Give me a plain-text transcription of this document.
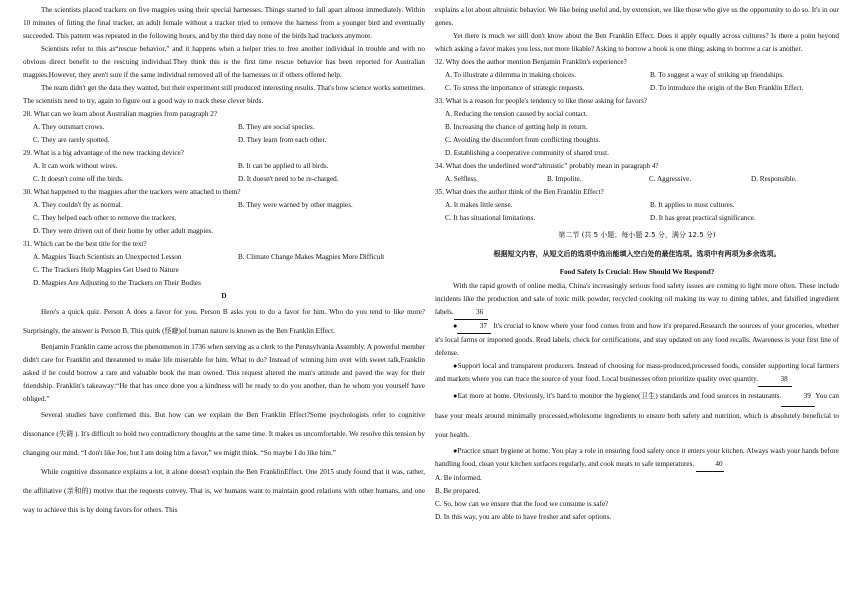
The scientists placed trackers on five magpies using their special harnesses. Things started to fall apart almost immediately. Within 10 minutes of fitting the final tracker, an adult female without a tracker tried to remove the harness from a younger bird and eventually succeeded. This pattern was repeated in the following hours, and by the third day none of the birds had trackers anymore.

Scientists refer to this as“rescue behavior,” and it happens when a helper tries to free another individual in trouble and with no obvious direct benefit to the rescuing individual.They think this is the first time rescue behavior has been reported for Australian magpies.However, they aren't sure if the same individual removed all of the harnesses or if others offered help.

The team didn't get the data they wanted, but their experiment still produced interesting results. That's how science works sometimes. The scientists need to try, again to figure out a good way to track these clever birds.

28. What can we learn about Australian magpies from paragraph 2?

A. They outsmart crows.	B. They are social species.
C. They are rarely spotted.	D. They learn from each other.

29. What is a big advantage of the new tracking device?

A. It can work without wires.	B. It can be applied to all birds.
C. It doesn't come off the birds.	D. It doesn't need to be re-charged.

30. What happened to the magpies after the trackers were attached to them?

A. They couldn't fly as normal.	B. They were warned by other magpies.

C. They helped each other to remove the trackers.

D. They were driven out of their home by other adult magpies.

31. Which can be the best title for the text?

A. Magpies Teach Scientists an Unexpected Lesson	B. Climate Change Makes Magpies More Difficult

C. The Trackers Help Magpies Get Used to Nature

D. Magpies Are Adjusting to the Trackers on Their Bodies

D

Here's a quick quiz. Person A does a favor for you. Person B asks you to do a favor for him. Who do you tend to like more? Surprisingly, the answer is Person B. This quirk (怪癖)of human nature is known as the Ben Franklin Effect.

Benjamin Franklin came across the phenomenon in 1736 when serving as a clerk to the Pennsylvania Assembly. A powerful member didn't care for Franklin and threatened to make life miserable for him. What to do? Instead of winning him over with sweet talk,Franklin asked if he could borrow a rare and valuable book the man owned. This request altered the man's attitude and paved the way for their friendship. Franklin's takeaway:“He that has once done you a kindness will be ready to do you another, than he whom you yourself have obliged.”

Several studies have confirmed this. But how can we explain the Ben Franklin Effect?Some psychologists refer to cognitive dissonance (失调 ). It's difficult to hold two contradictory thoughts at the same time. It makes us uncomfortable. We resolve this tension by changing our mind. “I don't like Joe, but I am doing him a favor,” we might think. “So maybe I do like him.”

While cognitive dissonance explains a lot, it alone doesn't explain the Ben FranklinEffect. One 2015 study found that it was, rather, the affiliative (亲和的) motive that the requests convey. That is, we humans want to maintain good relations with other humans, and one way to achieve this is by doing favors for others. This

explains a lot about altruistic behavior. We like being useful and, by extension, we like those who give us the opportunity to do so. It's in our genes.

Yet there is much we still don't know about the Ben Franklin Effect. Does it apply equally across cultures? Is there a point beyond which asking a favor makes you less, not more likable? Asking to borrow a book is one thing; asking to borrow a car is another.

32. Why does the author mention Benjamin Franklin's experience?

A. To illustrate a dilemma in making choices.	B. To suggest a way of striking up friendships.
C. To stress the importance of strategic requests.	D. To introduce the origin of the Ben Franklin Effect.

33. What is a reason for people's tendency to like those asking for favors?

A. Reducing the tension caused by social contact.

B. Increasing the chance of getting help in return.

C. Avoiding the discomfort from conflicting thoughts.

D. Establishing a cooperative community of shared trust.

34. What does the underlined word“altruistic” probably mean in paragraph 4?

A. Selfless.	B. Impolite.	C. Aggressive.	D. Responsible.

35. What does the author think of the Ben Franklin Effect?

A. It makes little sense.	B. It applies to most cultures.
C. It has situational limitations.	D. It has great practical significance.

第二节 (共 5 小题；每小题 2.5 分，满分 12.5 分)

根据短文内容，从短文后的选项中选出能填入空白处的最佳选项。选项中有两项为多余选项。

Food Safety Is Crucial: How Should We Respond?

With the rapid growth of online media, China's increasingly serious food safety issues are coming to light more often. These include incidents like the production and sale of toxic milk powder, recycled cooking oil making its way to dining tables, and falsified ingredient labels.	36

●	37 It's crucial to know where your food comes from and how it's prepared.Research the sources of your groceries, whether it's local farms or imported goods. Read labels, check for certifications, and stay updated on any food recalls. Awareness is your first line of defense.

●Support local and transparent producers. Instead of choosing for mass-produced,processed foods, consider supporting local farmers and markets where you can trace the source of your food. Local businesses often prioritize quality over quantity.	38

●Eat more at home. Obviously, it's hard to monitor the hygiene(卫生) standards and food sources in restaurants.	39 You can base your meals around minimally processed,wholesome ingredients to ensure both safety and nutrition, which is absolutely beneficial to your health.

●Practice smart hygiene at home. You play a role in ensuring food safety once it enters your kitchen. Always wash your hands before handling food, clean your kitchen surfaces regularly, and cook meats to safe temperatures.	40

A. Be informed.

B. Be prepared.

C. So, how can we ensure that the food we consume is safe?

D. In this way, you are able to have fresher and safer options.
